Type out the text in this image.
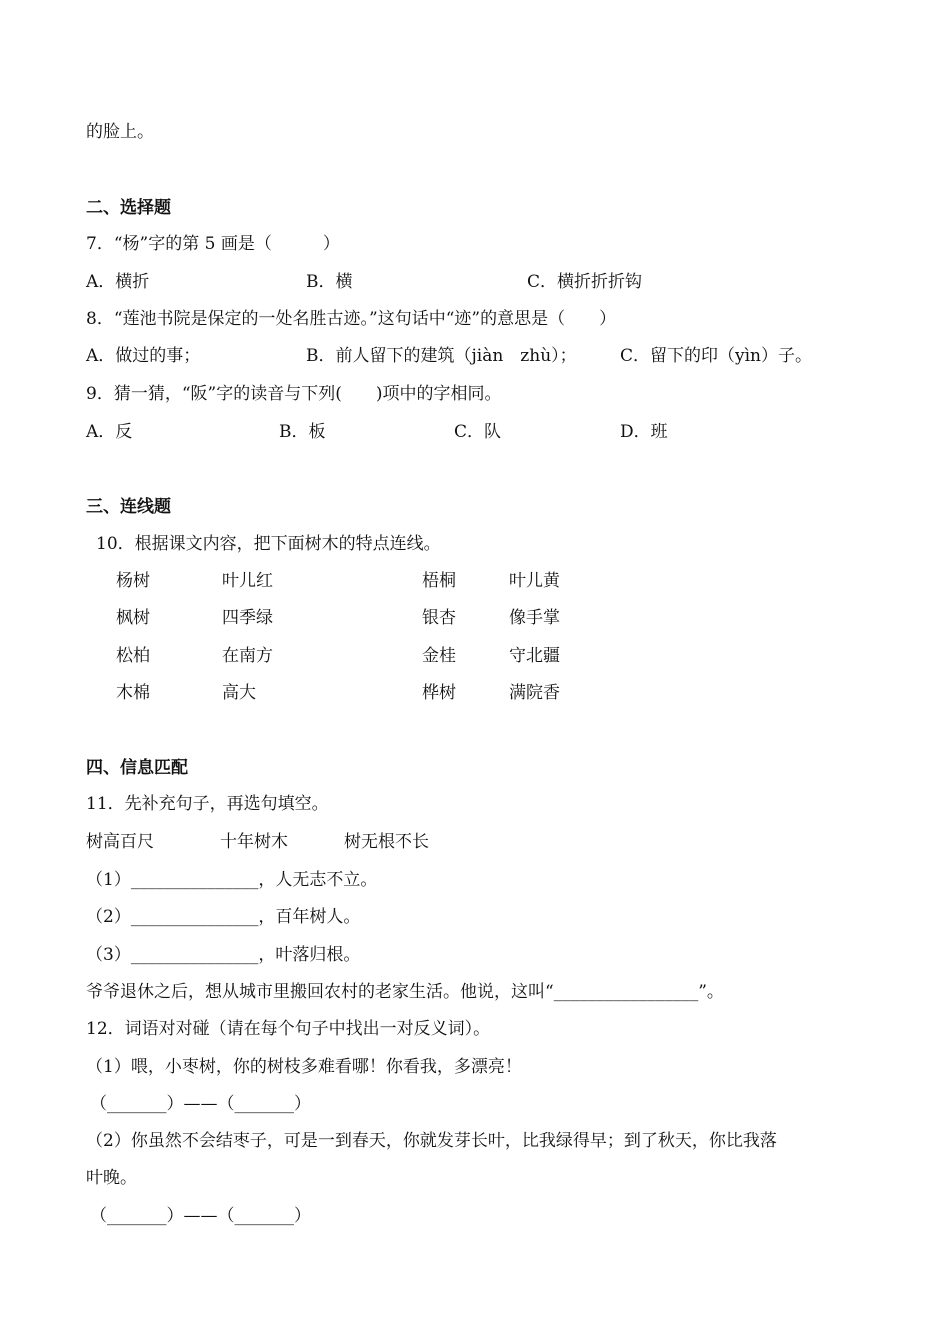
的脸上。
二、选择题
7．“杨”字的第 5 画是（　　　）
A．横折	B．横	C．横折折折钩
8．“莲池书院是保定的一处名胜古迹。”这句话中“迹”的意思是（　　）
A．做过的事；	B．前人留下的建筑（jiàn　zhù）；	C．留下的印（yìn）子。
9．猜一猜，“阪”字的读音与下列(　　)项中的字相同。
A．反	B．板	C．队	D．班
三、连线题
10．根据课文内容，把下面树木的特点连线。
杨树	叶儿红	梧桐	叶儿黄
枫树	四季绿	银杏	像手掌
松柏	在南方	金桂	守北疆
木棉	高大	桦树	满院香
四、信息匹配
11．先补充句子，再选句填空。
树高百尺	十年树木	树无根不长
（1）_______________，人无志不立。
（2）_______________，百年树人。
（3）_______________，叶落归根。
爷爷退休之后，想从城市里搬回农村的老家生活。他说，这叫“_________________”。
12．词语对对碰（请在每个句子中找出一对反义词）。
（1）喂，小枣树，你的树枝多难看哪！你看我，多漂亮！
（_______）——（_______）
（2）你虽然不会结枣子，可是一到春天，你就发芽长叶，比我绿得早；到了秋天，你比我落
叶晚。
（_______）——（_______）
